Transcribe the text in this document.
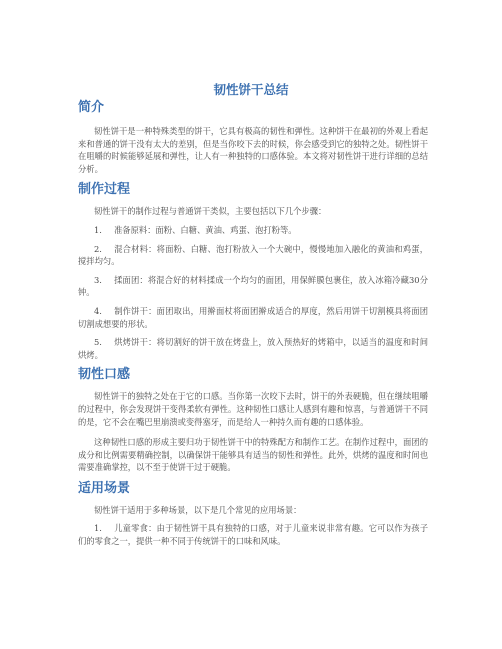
韧性饼干总结
简介

韧性饼干是一种特殊类型的饼干，它具有极高的韧性和弹性。这种饼干在最初的外观上看起来和普通的饼干没有太大的差别，但是当你咬下去的时候，你会感受到它的独特之处。韧性饼干在咀嚼的时候能够延展和弹性，让人有一种独特的口感体验。本文将对韧性饼干进行详细的总结分析。

制作过程

韧性饼干的制作过程与普通饼干类似，主要包括以下几个步骤：

1. 准备原料：面粉、白糖、黄油、鸡蛋、泡打粉等。
2. 混合材料：将面粉、白糖、泡打粉放入一个大碗中，慢慢地加入融化的黄油和鸡蛋，搅拌均匀。
3. 揉面团：将混合好的材料揉成一个均匀的面团，用保鲜膜包裹住，放入冰箱冷藏30分钟。
4. 制作饼干：面团取出，用擀面杖将面团擀成适合的厚度，然后用饼干切割模具将面团切割成想要的形状。
5. 烘烤饼干：将切割好的饼干放在烤盘上，放入预热好的烤箱中，以适当的温度和时间烘烤。
韧性口感

韧性饼干的独特之处在于它的口感。当你第一次咬下去时，饼干的外表硬脆，但在继续咀嚼的过程中，你会发现饼干变得柔软有弹性。这种韧性口感让人感到有趣和惊喜，与普通饼干不同的是，它不会在嘴巴里崩溃或变得塞牙，而是给人一种持久而有趣的口感体验。

这种韧性口感的形成主要归功于韧性饼干中的特殊配方和制作工艺。在制作过程中，面团的成分和比例需要精确控制，以确保饼干能够具有适当的韧性和弹性。此外，烘烤的温度和时间也需要准确掌控，以不至于使饼干过于硬脆。

适用场景

韧性饼干适用于多种场景，以下是几个常见的应用场景：

1. 儿童零食：由于韧性饼干具有独特的口感，对于儿童来说非常有趣。它可以作为孩子们的零食之一，提供一种不同于传统饼干的口味和风味。
